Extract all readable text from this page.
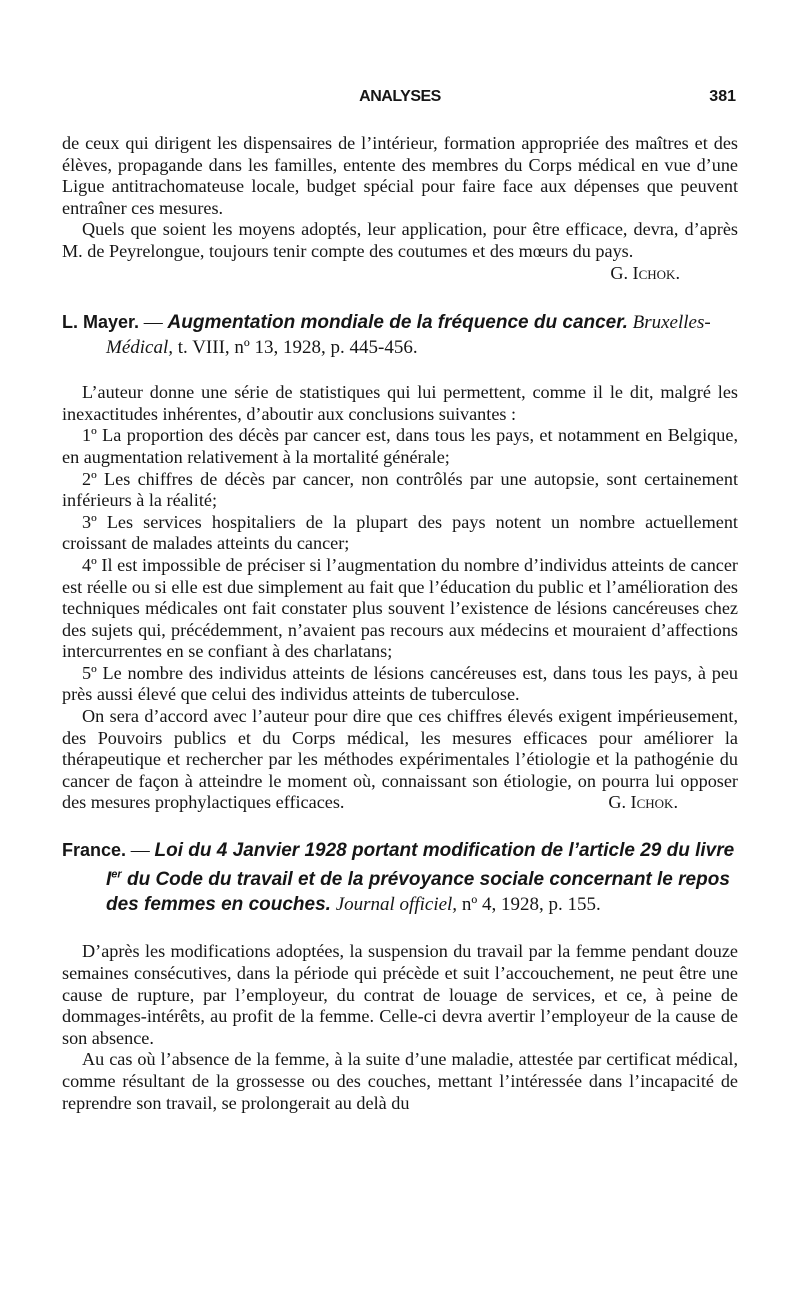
ANALYSES	381

de ceux qui dirigent les dispensaires de l’intérieur, formation appropriée des maîtres et des élèves, propagande dans les familles, entente des membres du Corps médical en vue d’une Ligue antitrachomateuse locale, budget spécial pour faire face aux dépenses que peuvent entraîner ces mesures.

Quels que soient les moyens adoptés, leur application, pour être efficace, devra, d’après M. de Peyrelongue, toujours tenir compte des coutumes et des mœurs du pays.
G. Ichok.

L. Mayer. — Augmentation mondiale de la fréquence du cancer. Bruxelles-Médical, t. VIII, nº 13, 1928, p. 445-456.

L’auteur donne une série de statistiques qui lui permettent, comme il le dit, malgré les inexactitudes inhérentes, d’aboutir aux conclusions suivantes :

1º La proportion des décès par cancer est, dans tous les pays, et notamment en Belgique, en augmentation relativement à la mortalité générale;

2º Les chiffres de décès par cancer, non contrôlés par une autopsie, sont certainement inférieurs à la réalité;

3º Les services hospitaliers de la plupart des pays notent un nombre actuellement croissant de malades atteints du cancer;

4º Il est impossible de préciser si l’augmentation du nombre d’individus atteints de cancer est réelle ou si elle est due simplement au fait que l’éducation du public et l’amélioration des techniques médicales ont fait constater plus souvent l’existence de lésions cancéreuses chez des sujets qui, précédemment, n’avaient pas recours aux médecins et mouraient d’affections intercurrentes en se confiant à des charlatans;

5º Le nombre des individus atteints de lésions cancéreuses est, dans tous les pays, à peu près aussi élevé que celui des individus atteints de tuberculose.

On sera d’accord avec l’auteur pour dire que ces chiffres élevés exigent impérieusement, des Pouvoirs publics et du Corps médical, les mesures efficaces pour améliorer la thérapeutique et rechercher par les méthodes expérimentales l’étiologie et la pathogénie du cancer de façon à atteindre le moment où, connaissant son étiologie, on pourra lui opposer des mesures prophylactiques efficaces.	G. Ichok.

France. — Loi du 4 Janvier 1928 portant modification de l’article 29 du livre Ier du Code du travail et de la prévoyance sociale concernant le repos des femmes en couches. Journal officiel, nº 4, 1928, p. 155.

D’après les modifications adoptées, la suspension du travail par la femme pendant douze semaines consécutives, dans la période qui précède et suit l’accouchement, ne peut être une cause de rupture, par l’employeur, du contrat de louage de services, et ce, à peine de dommages-intérêts, au profit de la femme. Celle-ci devra avertir l’employeur de la cause de son absence.

Au cas où l’absence de la femme, à la suite d’une maladie, attestée par certificat médical, comme résultant de la grossesse ou des couches, mettant l’intéressée dans l’incapacité de reprendre son travail, se prolongerait au delà du
